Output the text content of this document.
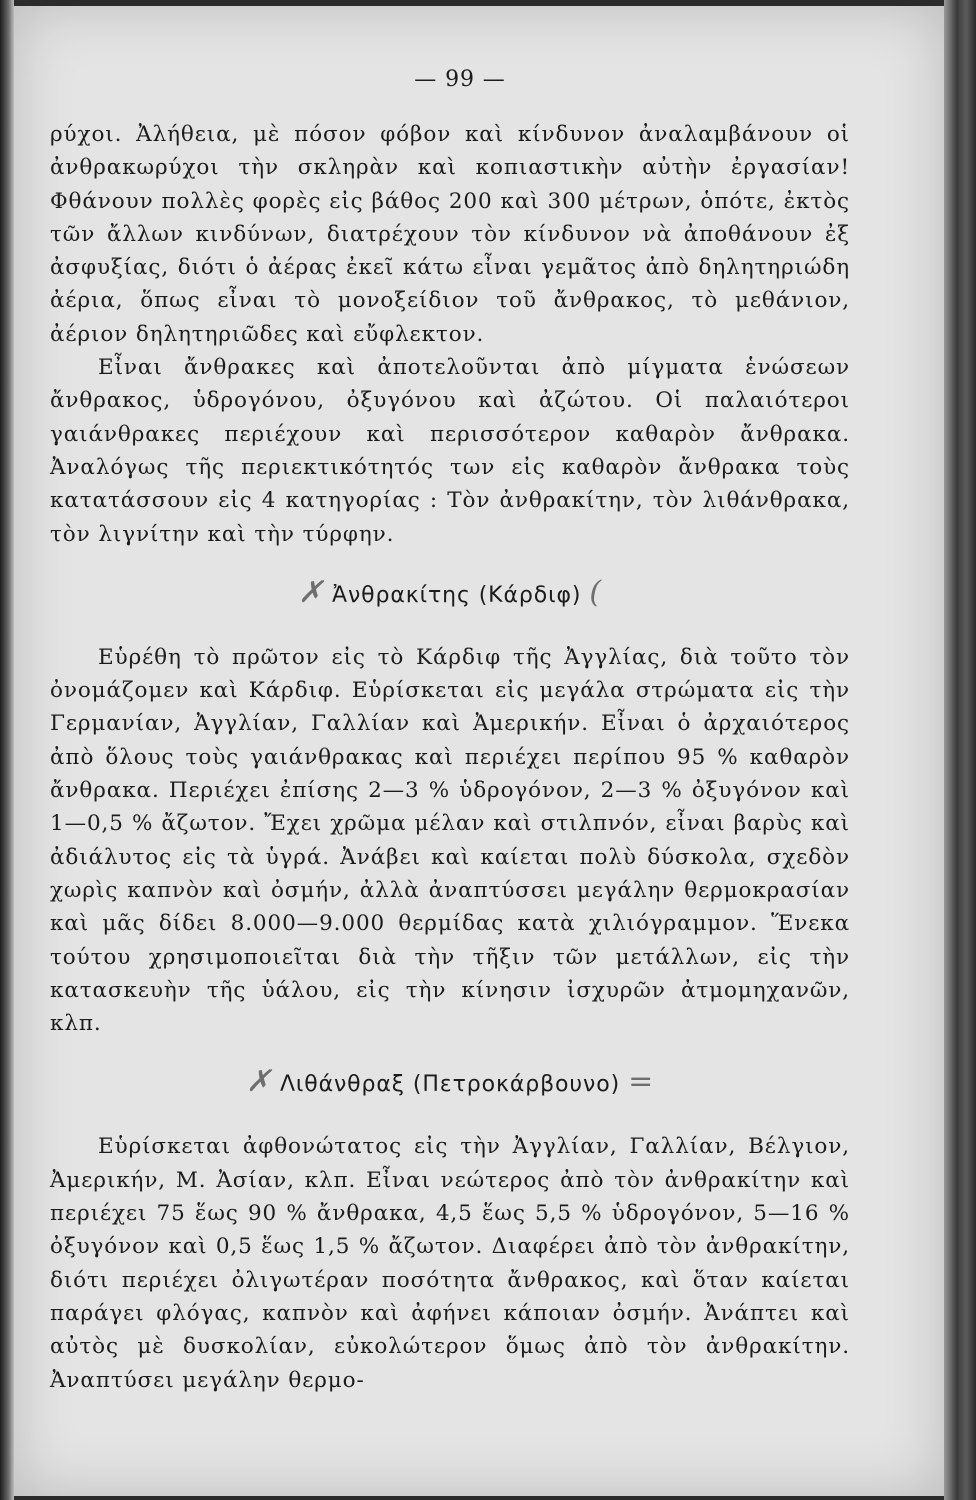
— 99 —

ρύχοι. Ἀλήθεια, μὲ πόσον φόβον καὶ κίνδυνον ἀναλαμβάνουν οἱ ἀνθρακωρύχοι τὴν σκληρὰν καὶ κοπιαστικὴν αὐτὴν ἐργασίαν! Φθάνουν πολλὲς φορὲς εἰς βάθος 200 καὶ 300 μέτρων, ὁπότε, ἐκτὸς τῶν ἄλλων κινδύνων, διατρέχουν τὸν κίνδυνον νὰ ἀποθάνουν ἐξ ἀσφυξίας, διότι ὁ ἀέρας ἐκεῖ κάτω εἶναι γεμᾶτος ἀπὸ δηλητηριώδη ἀέρια, ὅπως εἶναι τὸ μονοξείδιον τοῦ ἄνθρακος, τὸ μεθάνιον, ἀέριον δηλητηριῶδες καὶ εὔφλεκτον.

Εἶναι ἄνθρακες καὶ ἀποτελοῦνται ἀπὸ μίγματα ἑνώσεων ἄνθρακος, ὑδρογόνου, ὀξυγόνου καὶ ἀζώτου. Οἱ παλαιότεροι γαιάνθρακες περιέχουν καὶ περισσότερον καθαρὸν ἄνθρακα. Ἀναλόγως τῆς περιεκτικότητός των εἰς καθαρὸν ἄνθρακα τοὺς κατατάσσουν εἰς 4 κατηγορίας : Τὸν ἀνθρακίτην, τὸν λιθάνθρακα, τὸν λιγνίτην καὶ τὴν τύρφην.

✗ Ἀνθρακίτης (Κάρδιφ) (

Εὑρέθη τὸ πρῶτον εἰς τὸ Κάρδιφ τῆς Ἀγγλίας, διὰ τοῦτο τὸν ὀνομάζομεν καὶ Κάρδιφ. Εὑρίσκεται εἰς μεγάλα στρώματα εἰς τὴν Γερμανίαν, Ἀγγλίαν, Γαλλίαν καὶ Ἀμερικήν. Εἶναι ὁ ἀρχαιότερος ἀπὸ ὅλους τοὺς γαιάνθρακας καὶ περιέχει περίπου 95 % καθαρὸν ἄνθρακα. Περιέχει ἐπίσης 2—3 % ὑδρογόνον, 2—3 % ὀξυγόνον καὶ 1—0,5 % ἄζωτον. Ἔχει χρῶμα μέλαν καὶ στιλπνόν, εἶναι βαρὺς καὶ ἀδιάλυτος εἰς τὰ ὑγρά. Ἀνάβει καὶ καίεται πολὺ δύσκολα, σχεδὸν χωρὶς καπνὸν καὶ ὀσμήν, ἀλλὰ ἀναπτύσσει μεγάλην θερμοκρασίαν καὶ μᾶς δίδει 8.000—9.000 θερμίδας κατὰ χιλιόγραμμον. Ἕνεκα τούτου χρησιμοποιεῖται διὰ τὴν τῆξιν τῶν μετάλλων, εἰς τὴν κατασκευὴν τῆς ὑάλου, εἰς τὴν κίνησιν ἰσχυρῶν ἀτμομηχανῶν, κλπ.

✗ Λιθάνθραξ (Πετροκάρβουνο) =

Εὑρίσκεται ἀφθονώτατος εἰς τὴν Ἀγγλίαν, Γαλλίαν, Βέλγιον, Ἀμερικήν, Μ. Ἀσίαν, κλπ. Εἶναι νεώτερος ἀπὸ τὸν ἀνθρακίτην καὶ περιέχει 75 ἕως 90 % ἄνθρακα, 4,5 ἕως 5,5 % ὑδρογόνον, 5—16 % ὀξυγόνον καὶ 0,5 ἕως 1,5 % ἄζωτον. Διαφέρει ἀπὸ τὸν ἀνθρακίτην, διότι περιέχει ὀλιγωτέραν ποσότητα ἄνθρακος, καὶ ὅταν καίεται παράγει φλόγας, καπνὸν καὶ ἀφήνει κάποιαν ὀσμήν. Ἀνάπτει καὶ αὐτὸς μὲ δυσκολίαν, εὐκολώτερον ὅμως ἀπὸ τὸν ἀνθρακίτην. Ἀναπτύσει μεγάλην θερμο-
